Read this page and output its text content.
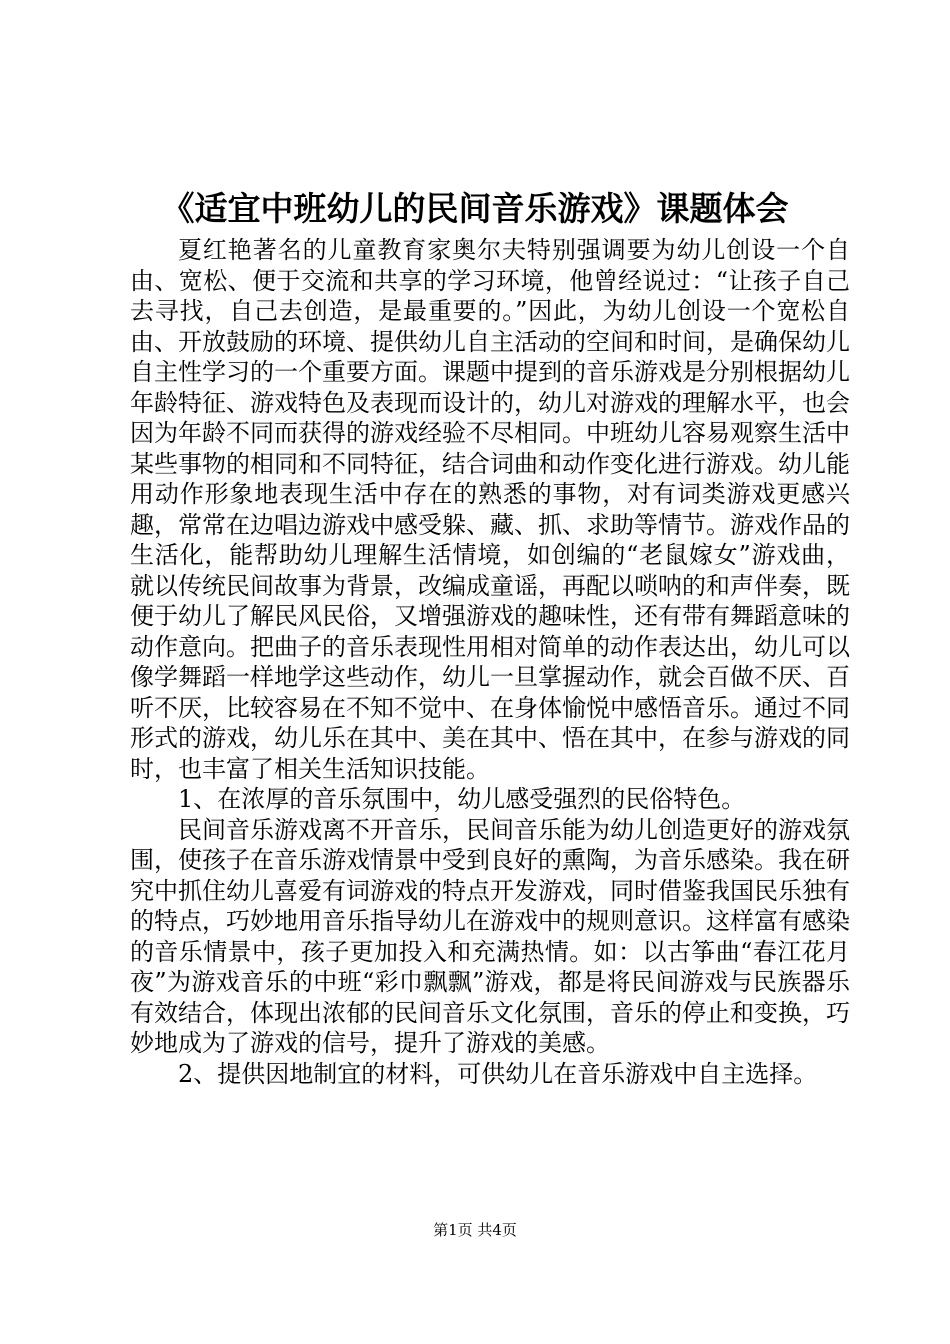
《适宜中班幼儿的民间音乐游戏》课题体会

夏红艳著名的儿童教育家奥尔夫特别强调要为幼儿创设一个自由、宽松、便于交流和共享的学习环境，他曾经说过：“让孩子自己去寻找，自己去创造，是最重要的。”因此，为幼儿创设一个宽松自由、开放鼓励的环境、提供幼儿自主活动的空间和时间，是确保幼儿自主性学习的一个重要方面。课题中提到的音乐游戏是分别根据幼儿年龄特征、游戏特色及表现而设计的，幼儿对游戏的理解水平，也会因为年龄不同而获得的游戏经验不尽相同。中班幼儿容易观察生活中某些事物的相同和不同特征，结合词曲和动作变化进行游戏。幼儿能用动作形象地表现生活中存在的熟悉的事物，对有词类游戏更感兴趣，常常在边唱边游戏中感受躲、藏、抓、求助等情节。游戏作品的生活化，能帮助幼儿理解生活情境，如创编的“老鼠嫁女”游戏曲，就以传统民间故事为背景，改编成童谣，再配以唢呐的和声伴奏，既便于幼儿了解民风民俗，又增强游戏的趣味性，还有带有舞蹈意味的动作意向。把曲子的音乐表现性用相对简单的动作表达出，幼儿可以像学舞蹈一样地学这些动作，幼儿一旦掌握动作，就会百做不厌、百听不厌，比较容易在不知不觉中、在身体愉悦中感悟音乐。通过不同形式的游戏，幼儿乐在其中、美在其中、悟在其中，在参与游戏的同时，也丰富了相关生活知识技能。

1、在浓厚的音乐氛围中，幼儿感受强烈的民俗特色。

民间音乐游戏离不开音乐，民间音乐能为幼儿创造更好的游戏氛围，使孩子在音乐游戏情景中受到良好的熏陶，为音乐感染。我在研究中抓住幼儿喜爱有词游戏的特点开发游戏，同时借鉴我国民乐独有的特点，巧妙地用音乐指导幼儿在游戏中的规则意识。这样富有感染的音乐情景中，孩子更加投入和充满热情。如：以古筝曲“春江花月夜”为游戏音乐的中班“彩巾飘飘”游戏，都是将民间游戏与民族器乐有效结合，体现出浓郁的民间音乐文化氛围，音乐的停止和变换，巧妙地成为了游戏的信号，提升了游戏的美感。

2、提供因地制宜的材料，可供幼儿在音乐游戏中自主选择。

第1页 共4页
